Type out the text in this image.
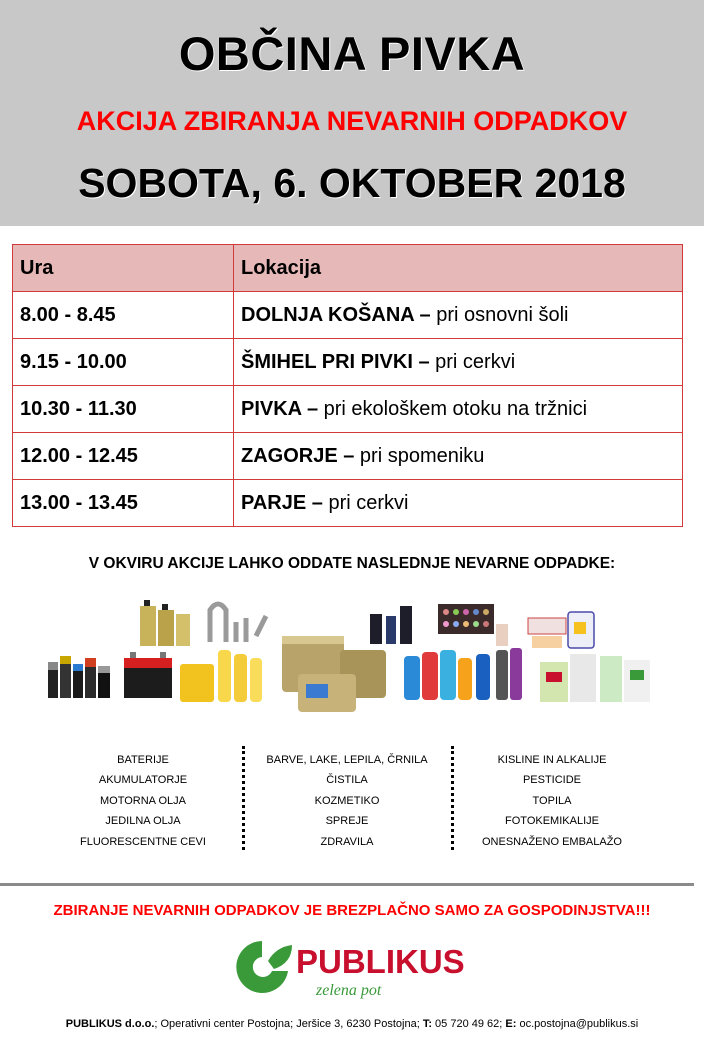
OBČINA PIVKA
AKCIJA ZBIRANJA NEVARNIH ODPADKOV
SOBOTA, 6. OKTOBER 2018
Ura	Lokacija
8.00 - 8.45	DOLNJA KOŠANA – pri osnovni šoli
9.15 - 10.00	ŠMIHEL PRI PIVKI – pri cerkvi
10.30 - 11.30	PIVKA – pri ekološkem otoku na tržnici
12.00 - 12.45	ZAGORJE – pri spomeniku
13.00 - 13.45	PARJE – pri cerkvi
V OKVIRU AKCIJE LAHKO ODDATE NASLEDNJE NEVARNE ODPADKE:
BATERIJE
AKUMULATORJE
MOTORNA OLJA
JEDILNA OLJA
FLUORESCENTNE CEVI
BARVE, LAKE, LEPILA, ČRNILA
ČISTILA
KOZMETIKO
SPREJE
ZDRAVILA
KISLINE IN ALKALIJE
PESTICIDE
TOPILA
FOTOKEMIKALIJE
ONESNAŽENO EMBALAŽO
ZBIRANJE NEVARNIH ODPADKOV JE BREZPLAČNO SAMO ZA GOSPODINJSTVA!!!
PUBLIKUS
zelena pot
PUBLIKUS d.o.o.; Operativni center Postojna; Jeršice 3, 6230 Postojna; T: 05 720 49 62; E: oc.postojna@publikus.si
